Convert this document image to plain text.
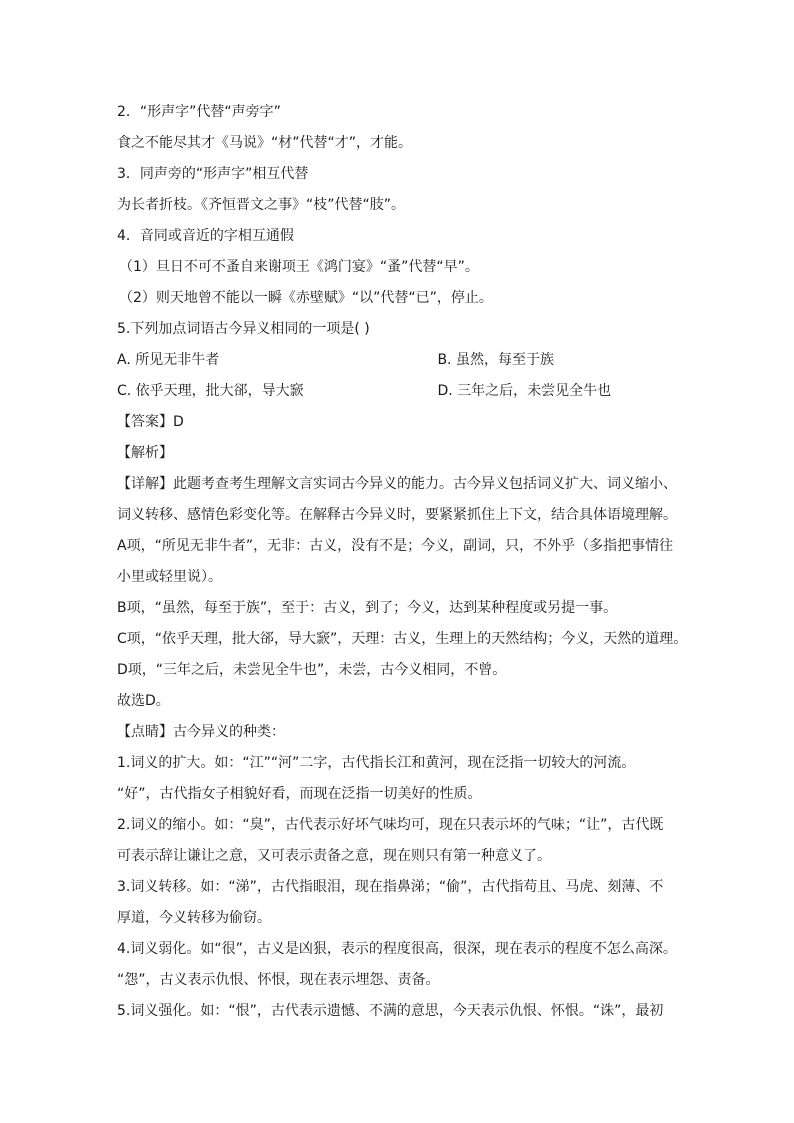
2．“形声字”代替“声旁字”
食之不能尽其才《马说》“材”代替“才”，才能。
3．同声旁的“形声字”相互代替
为长者折枝。《齐恒晋文之事》“枝”代替“肢”。
4．音同或音近的字相互通假
（1）旦日不可不蚤自来谢项王《鸿门宴》“蚤”代替“早”。
（2）则天地曾不能以一瞬《赤壁赋》“以”代替“已”，停止。
5.下列加点词语古今异义相同的一项是( )
A. 所见无非牛者	B. 虽然，每至于族
C. 依乎天理，批大郤，导大窾	D. 三年之后，未尝见全牛也
【答案】D
【解析】
【详解】此题考查考生理解文言实词古今异义的能力。古今异义包括词义扩大、词义缩小、
词义转移、感情色彩变化等。在解释古今异义时，要紧紧抓住上下文，结合具体语境理解。
A项，“所见无非牛者”，无非：古义，没有不是；今义，副词，只，不外乎（多指把事情往
小里或轻里说）。
B项，“虽然，每至于族”，至于：古义，到了；今义，达到某种程度或另提一事。
C项，“依乎天理，批大郤，导大窾”，天理：古义，生理上的天然结构；今义，天然的道理。
D项，“三年之后，未尝见全牛也”，未尝，古今义相同，不曾。
故选D。
【点睛】古今异义的种类：
1.词义的扩大。如：“江”“河”二字，古代指长江和黄河，现在泛指一切较大的河流。
“好”，古代指女子相貌好看，而现在泛指一切美好的性质。
2.词义的缩小。如：“臭”，古代表示好坏气味均可，现在只表示坏的气味；“让”，古代既
可表示辞让谦让之意，又可表示责备之意，现在则只有第一种意义了。
3.词义转移。如：“涕”，古代指眼泪，现在指鼻涕；“偷”，古代指苟且、马虎、刻薄、不
厚道，今义转移为偷窃。
4.词义弱化。如“很”，古义是凶狠，表示的程度很高，很深，现在表示的程度不怎么高深。
“怨”，古义表示仇恨、怀恨，现在表示埋怨、责备。
5.词义强化。如：“恨”，古代表示遗憾、不满的意思，今天表示仇恨、怀恨。“诛”，最初
